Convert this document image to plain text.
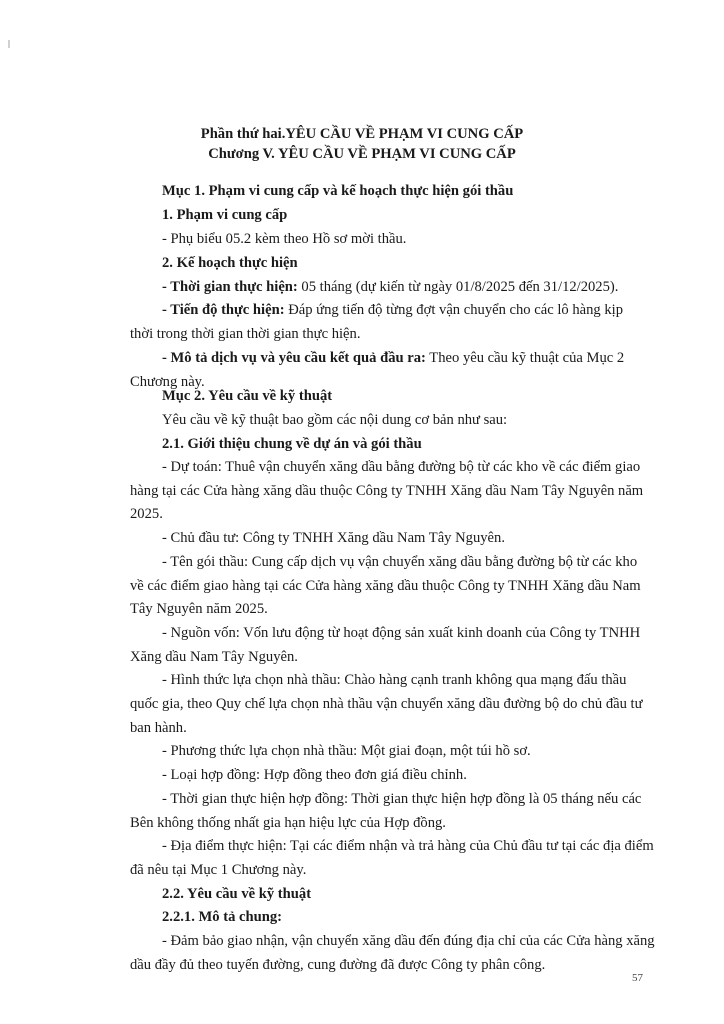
Phần thứ hai.YÊU CẦU VỀ PHẠM VI CUNG CẤP
Chương V. YÊU CẦU VỀ PHẠM VI CUNG CẤP
Mục 1. Phạm vi cung cấp và kế hoạch thực hiện gói thầu
1. Phạm vi cung cấp
- Phụ biểu 05.2 kèm theo Hồ sơ mời thầu.
2. Kế hoạch thực hiện
- Thời gian thực hiện: 05 tháng (dự kiến từ ngày 01/8/2025 đến 31/12/2025).
- Tiến độ thực hiện: Đáp ứng tiến độ từng đợt vận chuyển cho các lô hàng kịp
thời trong thời gian thời gian thực hiện.
- Mô tả dịch vụ và yêu cầu kết quả đầu ra: Theo yêu cầu kỹ thuật của Mục 2
Chương này.
Mục 2. Yêu cầu về kỹ thuật
Yêu cầu về kỹ thuật bao gồm các nội dung cơ bản như sau:
2.1. Giới thiệu chung về dự án và gói thầu
- Dự toán: Thuê vận chuyển xăng dầu bằng đường bộ từ các kho về các điểm giao
hàng tại các Cửa hàng xăng dầu thuộc Công ty TNHH Xăng dầu Nam Tây Nguyên năm
2025.
- Chủ đầu tư: Công ty TNHH Xăng dầu Nam Tây Nguyên.
- Tên gói thầu: Cung cấp dịch vụ vận chuyển xăng dầu bằng đường bộ từ các kho
về các điểm giao hàng tại các Cửa hàng xăng dầu thuộc Công ty TNHH Xăng dầu Nam
Tây Nguyên năm 2025.
- Nguồn vốn: Vốn lưu động từ hoạt động sản xuất kinh doanh của Công ty TNHH
Xăng dầu Nam Tây Nguyên.
- Hình thức lựa chọn nhà thầu: Chào hàng cạnh tranh không qua mạng đấu thầu
quốc gia, theo Quy chế lựa chọn nhà thầu vận chuyển xăng dầu đường bộ do chủ đầu tư
ban hành.
- Phương thức lựa chọn nhà thầu: Một giai đoạn, một túi hồ sơ.
- Loại hợp đồng: Hợp đồng theo đơn giá điều chỉnh.
- Thời gian thực hiện hợp đồng: Thời gian thực hiện hợp đồng là 05 tháng nếu các
Bên không thống nhất gia hạn hiệu lực của Hợp đồng.
- Địa điểm thực hiện: Tại các điểm nhận và trả hàng của Chủ đầu tư tại các địa điểm
đã nêu tại Mục 1 Chương này.
2.2. Yêu cầu về kỹ thuật
2.2.1. Mô tả chung:
- Đảm bảo giao nhận, vận chuyển xăng dầu đến đúng địa chỉ của các Cửa hàng xăng
dầu đầy đủ theo tuyến đường, cung đường đã được Công ty phân công.
57
